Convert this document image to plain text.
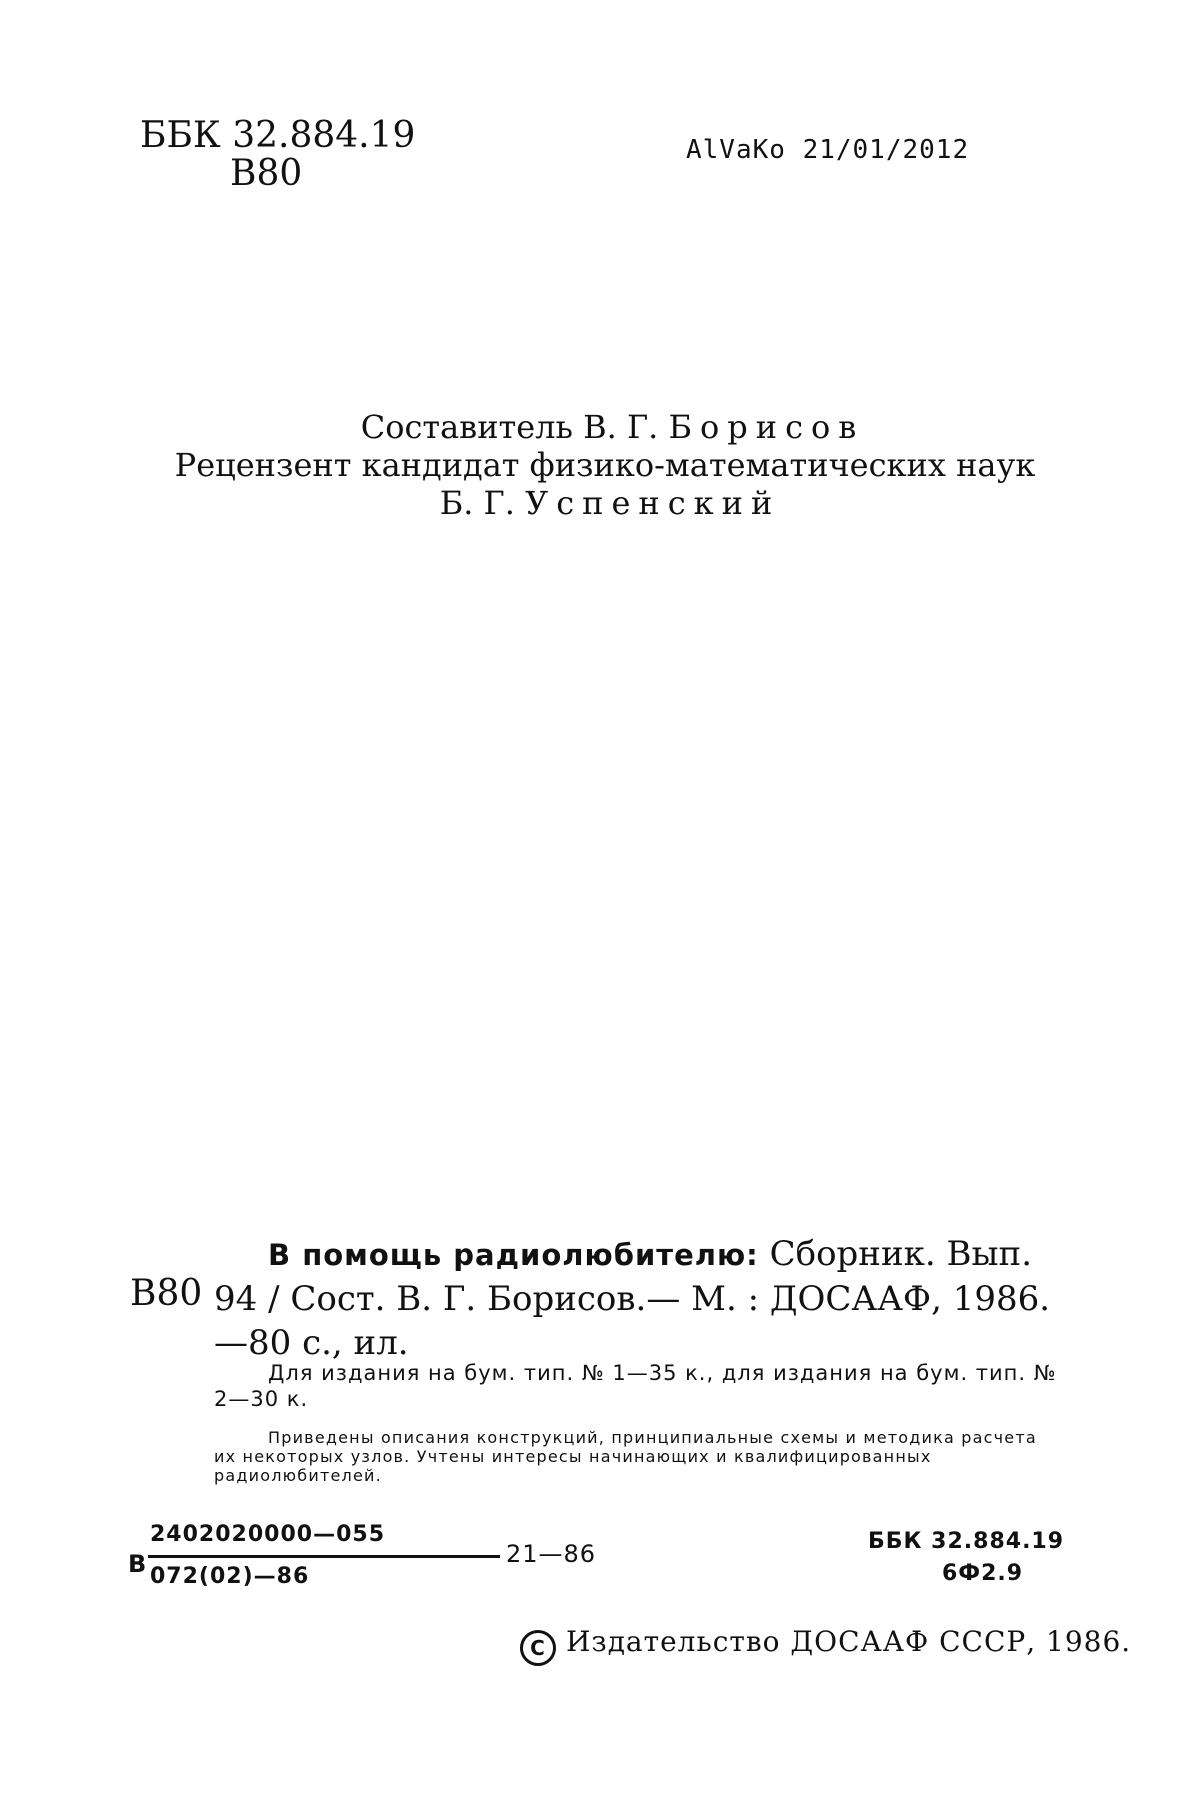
ББК 32.884.19
В80
AlVaKo 21/01/2012
Составитель В. Г. Борисов
Рецензент кандидат физико-математических наук
Б. Г. Успенский
В80
В помощь радиолюбителю: Сборник. Вып. 94 / Сост. В. Г. Борисов.— М. : ДОСААФ, 1986.—80 с., ил.
Для издания на бум. тип. № 1—35 к., для издания на бум. тип. № 2—30 к.
Приведены описания конструкций, принципиальные схемы и методика расчета их некоторых узлов. Учтены интересы начинающих и квалифицированных радиолюбителей.
В
2402020000—055
072(02)—86
21—86	ББК 32.884.19
6Ф2.9
C Издательство ДОСААФ СССР, 1986.
